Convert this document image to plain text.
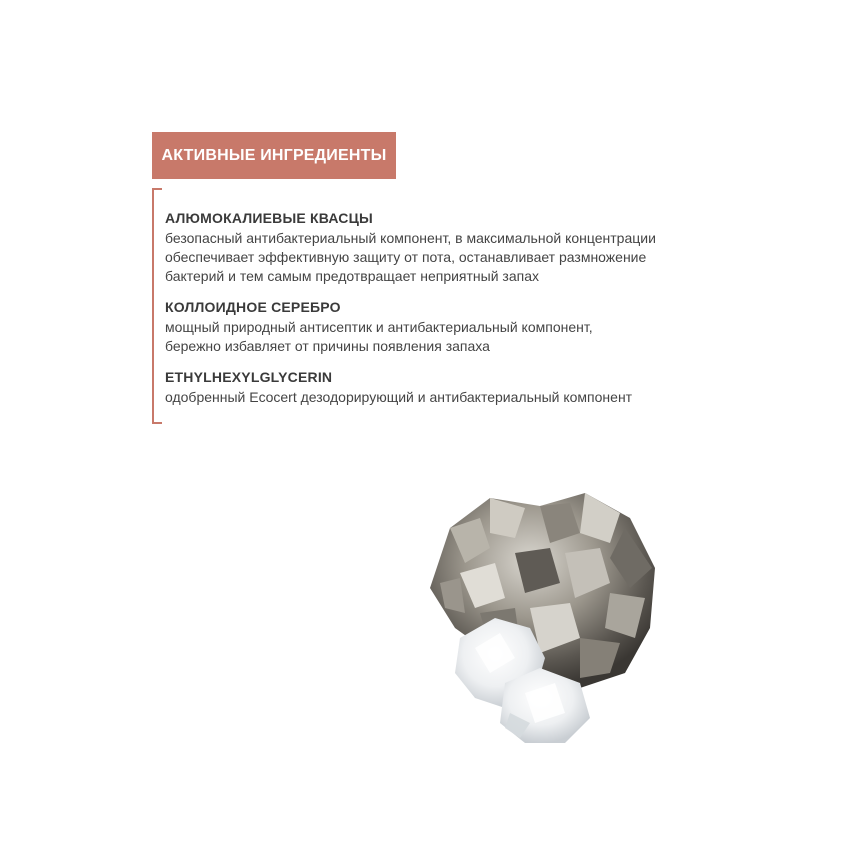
АКТИВНЫЕ ИНГРЕДИЕНТЫ
АЛЮМОКАЛИЕВЫЕ КВАСЦЫ
безопасный антибактериальный компонент, в максимальной концентрации
обеспечивает эффективную защиту от пота, останавливает размножение
бактерий и тем самым предотвращает неприятный запах
КОЛЛОИДНОЕ СЕРЕБРО
мощный природный антисептик и антибактериальный компонент,
бережно избавляет от причины появления запаха
ETHYLHEXYLGLYCERIN
одобренный Ecocert дезодорирующий и антибактериальный компонент
